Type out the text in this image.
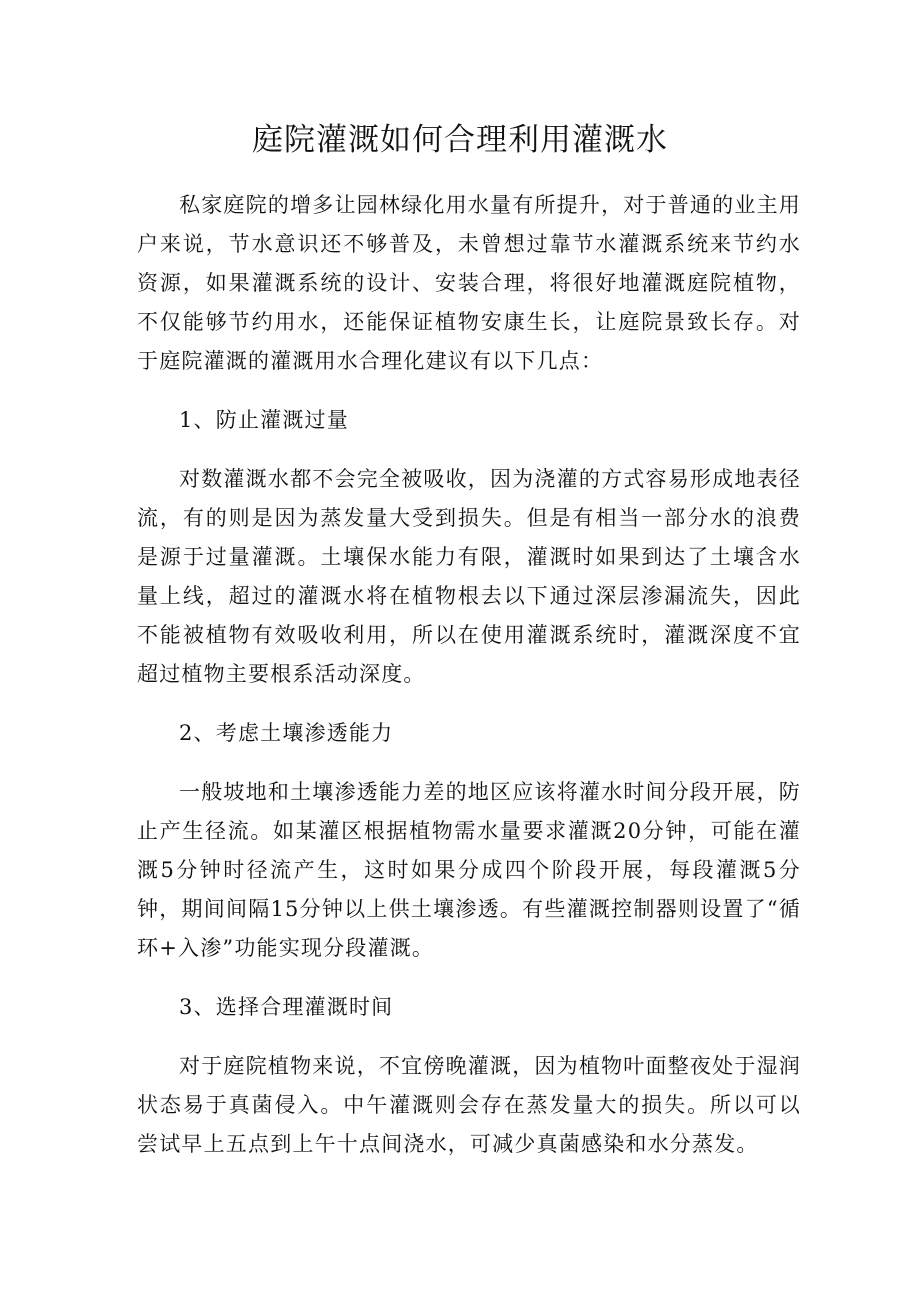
庭院灌溉如何合理利用灌溉水

私家庭院的增多让园林绿化用水量有所提升，对于普通的业主用户来说，节水意识还不够普及，未曾想过靠节水灌溉系统来节约水资源，如果灌溉系统的设计、安装合理，将很好地灌溉庭院植物，不仅能够节约用水，还能保证植物安康生长，让庭院景致长存。对于庭院灌溉的灌溉用水合理化建议有以下几点：

1、防止灌溉过量

对数灌溉水都不会完全被吸收，因为浇灌的方式容易形成地表径流，有的则是因为蒸发量大受到损失。但是有相当一部分水的浪费是源于过量灌溉。土壤保水能力有限，灌溉时如果到达了土壤含水量上线，超过的灌溉水将在植物根去以下通过深层渗漏流失，因此不能被植物有效吸收利用，所以在使用灌溉系统时，灌溉深度不宜超过植物主要根系活动深度。

2、考虑土壤渗透能力

一般坡地和土壤渗透能力差的地区应该将灌水时间分段开展，防止产生径流。如某灌区根据植物需水量要求灌溉20分钟，可能在灌溉5分钟时径流产生，这时如果分成四个阶段开展，每段灌溉5分钟，期间间隔15分钟以上供土壤渗透。有些灌溉控制器则设置了“循环+入渗”功能实现分段灌溉。

3、选择合理灌溉时间

对于庭院植物来说，不宜傍晚灌溉，因为植物叶面整夜处于湿润状态易于真菌侵入。中午灌溉则会存在蒸发量大的损失。所以可以尝试早上五点到上午十点间浇水，可减少真菌感染和水分蒸发。
